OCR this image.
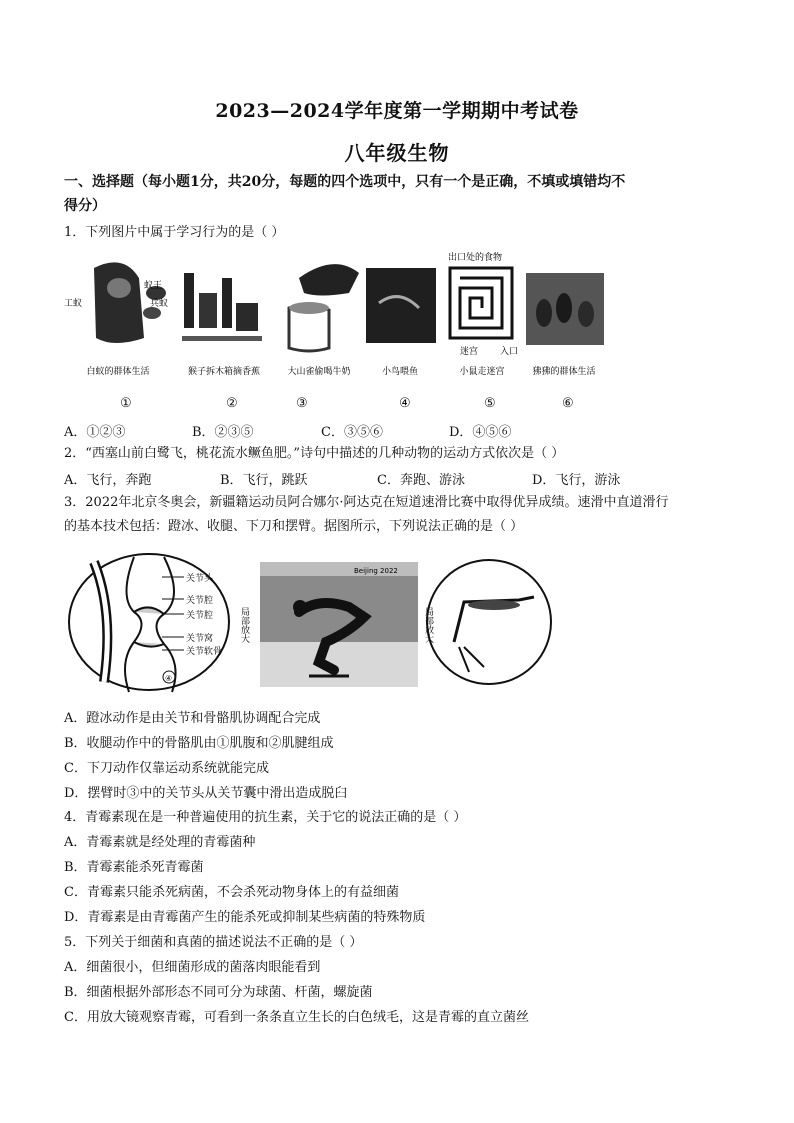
2023—2024学年度第一学期期中考试卷
八年级生物
一、选择题（每小题1分，共20分，每题的四个选项中，只有一个是正确，不填或填错均不
得分）
1．下列图片中属于学习行为的是（ ）
工蚁
蚁王
兵蚁
白蚁的群体生活	猴子拆木箱摘香蕉	大山雀偷喝牛奶	小鸟喂鱼
出口处的食物
迷宫 入口
小鼠走迷宫	狒狒的群体生活
①	②	③	④	⑤	⑥
A．①②③	B．②③⑤	C．③⑤⑥	D．④⑤⑥
2．“西塞山前白鹭飞，桃花流水鳜鱼肥。”诗句中描述的几种动物的运动方式依次是（ ）
A．飞行，奔跑	B．飞行，跳跃	C．奔跑、游泳	D．飞行，游泳
3．2022年北京冬奥会，新疆籍运动员阿合娜尔·阿达克在短道速滑比赛中取得优异成绩。速滑中直道滑行
的基本技术包括：蹬冰、收腿、下刀和摆臂。据图所示，下列说法正确的是（ ）
关节头
关节腔
关节腔
关节窝
关节软骨
④
局部放大
Beijing 2022
局部放大
A．蹬冰动作是由关节和骨骼肌协调配合完成
B．收腿动作中的骨骼肌由①肌腹和②肌腱组成
C．下刀动作仅靠运动系统就能完成
D．摆臂时③中的关节头从关节囊中滑出造成脱臼
4．青霉素现在是一种普遍使用的抗生素，关于它的说法正确的是（ ）
A．青霉素就是经处理的青霉菌种
B．青霉素能杀死青霉菌
C．青霉素只能杀死病菌，不会杀死动物身体上的有益细菌
D．青霉素是由青霉菌产生的能杀死或抑制某些病菌的特殊物质
5．下列关于细菌和真菌的描述说法不正确的是（ ）
A．细菌很小，但细菌形成的菌落肉眼能看到
B．细菌根据外部形态不同可分为球菌、杆菌，螺旋菌
C．用放大镜观察青霉，可看到一条条直立生长的白色绒毛，这是青霉的直立菌丝
